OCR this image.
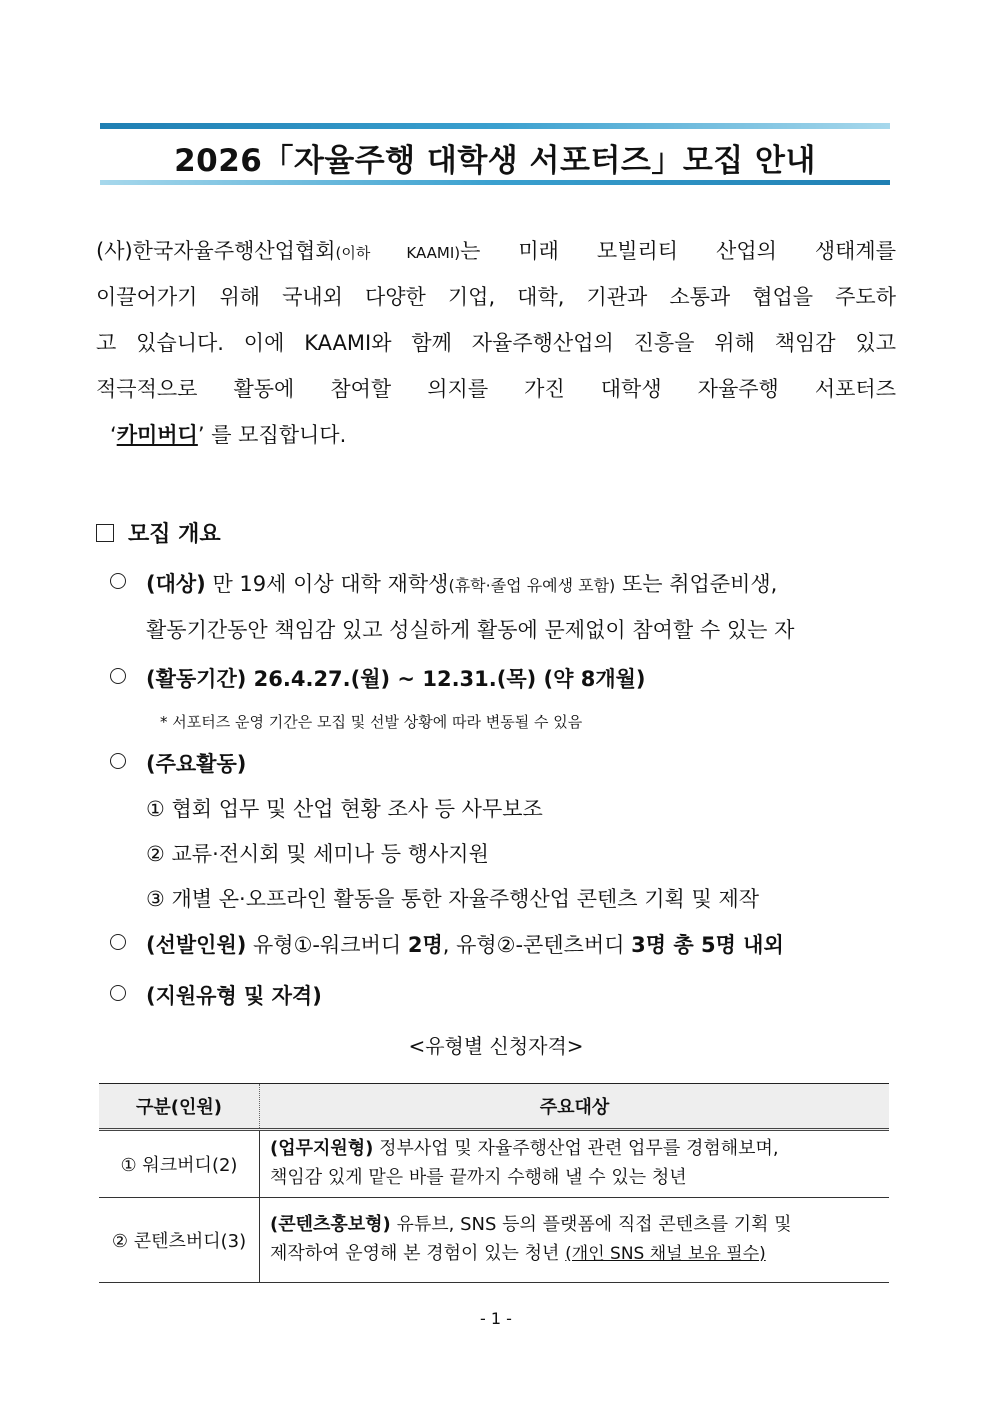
2026「자율주행 대학생 서포터즈」모집 안내
(사)한국자율주행산업협회(이하 KAAMI)는 미래 모빌리티 산업의 생태계를
이끌어가기 위해 국내외 다양한 기업, 대학, 기관과 소통과 협업을 주도하
고 있습니다. 이에 KAAMI와 함께 자율주행산업의 진흥을 위해 책임감 있고
적극적으로 활동에 참여할 의지를 가진 대학생 자율주행 서포터즈
‘카미버디’ 를 모집합니다.
모집 개요
(대상) 만 19세 이상 대학 재학생(휴학·졸업 유예생 포함) 또는 취업준비생,
활동기간동안 책임감 있고 성실하게 활동에 문제없이 참여할 수 있는 자
(활동기간) 26.4.27.(월) ~ 12.31.(목) (약 8개월)
* 서포터즈 운영 기간은 모집 및 선발 상황에 따라 변동될 수 있음
(주요활동)
① 협회 업무 및 산업 현황 조사 등 사무보조
② 교류·전시회 및 세미나 등 행사지원
③ 개별 온·오프라인 활동을 통한 자율주행산업 콘텐츠 기획 및 제작
(선발인원) 유형①-워크버디 2명, 유형②-콘텐츠버디 3명 총 5명 내외
(지원유형 및 자격)
<유형별 신청자격>
구분(인원)	주요대상
① 워크버디(2)	(업무지원형) 정부사업 및 자율주행산업 관련 업무를 경험해보며,
책임감 있게 맡은 바를 끝까지 수행해 낼 수 있는 청년
② 콘텐츠버디(3)	(콘텐츠홍보형) 유튜브, SNS 등의 플랫폼에 직접 콘텐츠를 기획 및
제작하여 운영해 본 경험이 있는 청년 (개인 SNS 채널 보유 필수)
- 1 -
